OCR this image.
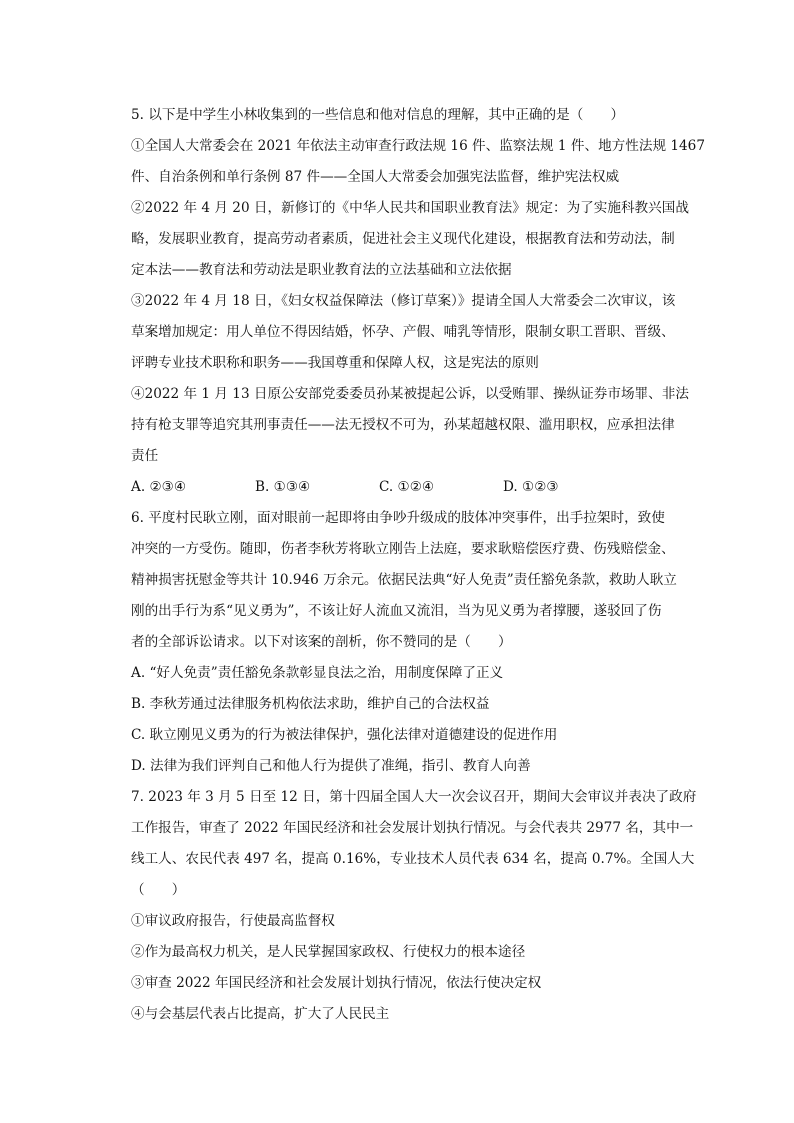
5. 以下是中学生小林收集到的一些信息和他对信息的理解，其中正确的是（　　）
①全国人大常委会在 2021 年依法主动审查行政法规 16 件、监察法规 1 件、地方性法规 1467
件、自治条例和单行条例 87 件——全国人大常委会加强宪法监督，维护宪法权威
②2022 年 4 月 20 日，新修订的《中华人民共和国职业教育法》规定：为了实施科教兴国战
略，发展职业教育，提高劳动者素质，促进社会主义现代化建设，根据教育法和劳动法，制
定本法——教育法和劳动法是职业教育法的立法基础和立法依据
③2022 年 4 月 18 日，《妇女权益保障法（修订草案）》提请全国人大常委会二次审议，该
草案增加规定：用人单位不得因结婚，怀孕、产假、哺乳等情形，限制女职工晋职、晋级、
评聘专业技术职称和职务——我国尊重和保障人权，这是宪法的原则
④2022 年 1 月 13 日原公安部党委委员孙某被提起公诉，以受贿罪、操纵证券市场罪、非法
持有枪支罪等追究其刑事责任——法无授权不可为，孙某超越权限、滥用职权，应承担法律
责任
A. ②③④	B. ①③④	C. ①②④	D. ①②③
6. 平度村民耿立刚，面对眼前一起即将由争吵升级成的肢体冲突事件，出手拉架时，致使
冲突的一方受伤。随即，伤者李秋芳将耿立刚告上法庭，要求耿赔偿医疗费、伤残赔偿金、
精神损害抚慰金等共计 10.946 万余元。依据民法典“好人免责”责任豁免条款，救助人耿立
刚的出手行为系“见义勇为”，不该让好人流血又流泪，当为见义勇为者撑腰，遂驳回了伤
者的全部诉讼请求。以下对该案的剖析，你不赞同的是（　　）
A. “好人免责”责任豁免条款彰显良法之治，用制度保障了正义
B. 李秋芳通过法律服务机构依法求助，维护自己的合法权益
C. 耿立刚见义勇为的行为被法律保护，强化法律对道德建设的促进作用
D. 法律为我们评判自己和他人行为提供了准绳，指引、教育人向善
7. 2023 年 3 月 5 日至 12 日，第十四届全国人大一次会议召开，期间大会审议并表决了政府
工作报告，审查了 2022 年国民经济和社会发展计划执行情况。与会代表共 2977 名，其中一
线工人、农民代表 497 名，提高 0.16%，专业技术人员代表 634 名，提高 0.7%。全国人大
（　　）
①审议政府报告，行使最高监督权
②作为最高权力机关，是人民掌握国家政权、行使权力的根本途径
③审查 2022 年国民经济和社会发展计划执行情况，依法行使决定权
④与会基层代表占比提高，扩大了人民民主
